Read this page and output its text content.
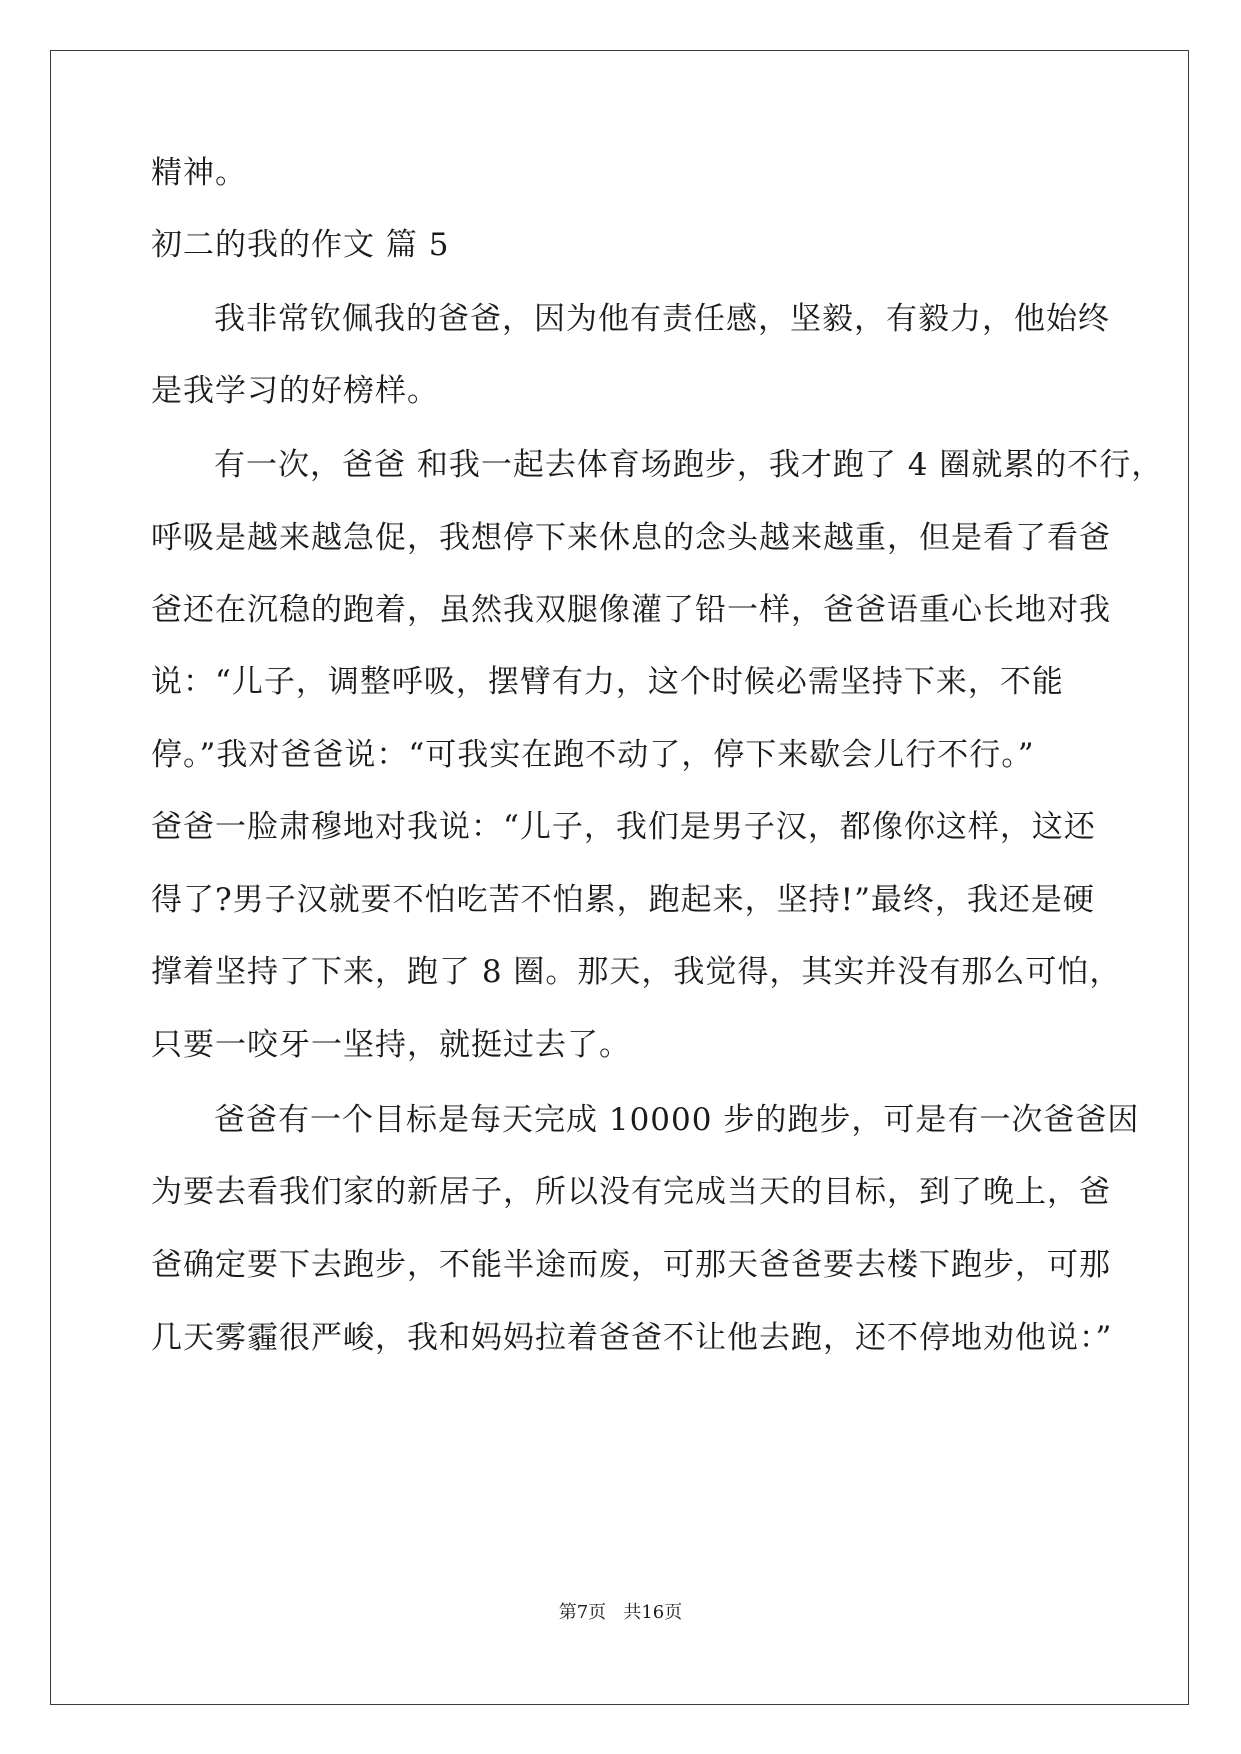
精神。
初二的我的作文 篇 5
我非常钦佩我的爸爸，因为他有责任感，坚毅，有毅力，他始终
是我学习的好榜样。
有一次，爸爸 和我一起去体育场跑步，我才跑了 4 圈就累的不行，
呼吸是越来越急促，我想停下来休息的念头越来越重，但是看了看爸
爸还在沉稳的跑着，虽然我双腿像灌了铅一样，爸爸语重心长地对我
说：“儿子，调整呼吸，摆臂有力，这个时候必需坚持下来，不能
停。”我对爸爸说：“可我实在跑不动了，停下来歇会儿行不行。”
爸爸一脸肃穆地对我说：“儿子，我们是男子汉，都像你这样，这还
得了?男子汉就要不怕吃苦不怕累，跑起来，坚持!”最终，我还是硬
撑着坚持了下来，跑了 8 圈。那天，我觉得，其实并没有那么可怕，
只要一咬牙一坚持，就挺过去了。
爸爸有一个目标是每天完成 10000 步的跑步，可是有一次爸爸因
为要去看我们家的新居子，所以没有完成当天的目标，到了晚上，爸
爸确定要下去跑步，不能半途而废，可那天爸爸要去楼下跑步，可那
几天雾霾很严峻，我和妈妈拉着爸爸不让他去跑，还不停地劝他说：”
第7页   共16页
